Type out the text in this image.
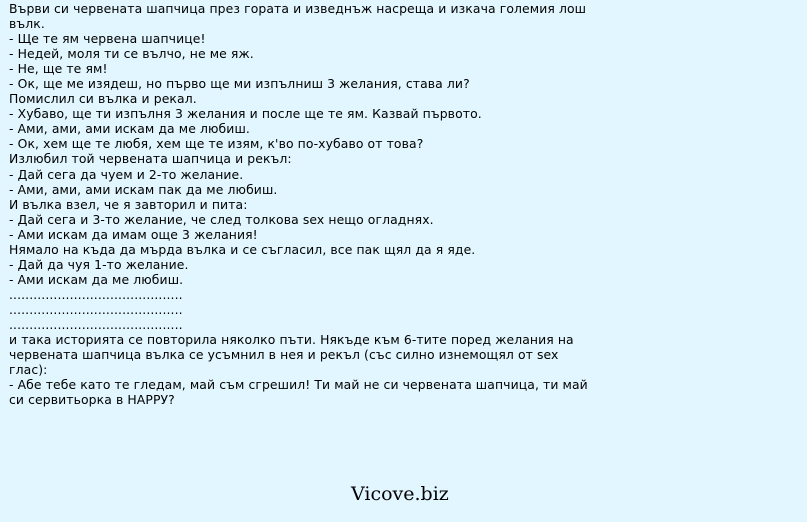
Върви си червената шапчица през гората и изведнъж насреща и изкача големия лош вълк.
- Ще те ям червена шапчице!
- Недей, моля ти се вълчо, не ме яж.
- Не, ще те ям!
- Ок, ще ме изядеш, но първо ще ми изпълниш 3 желания, става ли?
Помислил си вълка и рекал.
- Хубаво, ще ти изпълня 3 желания и после ще те ям. Казвай първото.
- Ами, ами, ами искам да ме любиш.
- Ок, хем ще те любя, хем ще те изям, к'во по-хубаво от това?
Излюбил той червената шапчица и рекъл:
- Дай сега да чуем и 2-то желание.
- Ами, ами, ами искам пак да ме любиш.
И вълка взел, че я завторил и пита:
- Дай сега и 3-то желание, че след толкова sex нещо огладнях.
- Ами искам да имам още 3 желания!
Нямало на къда да мърда вълка и се съгласил, все пак щял да я яде.
- Дай да чуя 1-то желание.
- Ами искам да ме любиш.
...........................................
...........................................
...........................................
и така историята се повторила няколко пъти. Някъде към 6-тите поред желания на червената шапчица вълка се усъмнил в нея и рекъл (със силно изнемощял от sex глас):
- Абе тебе като те гледам, май съм сгрешил! Ти май не си червената шапчица, ти май си сервитьорка в НАРРУ?
Vicove.biz
